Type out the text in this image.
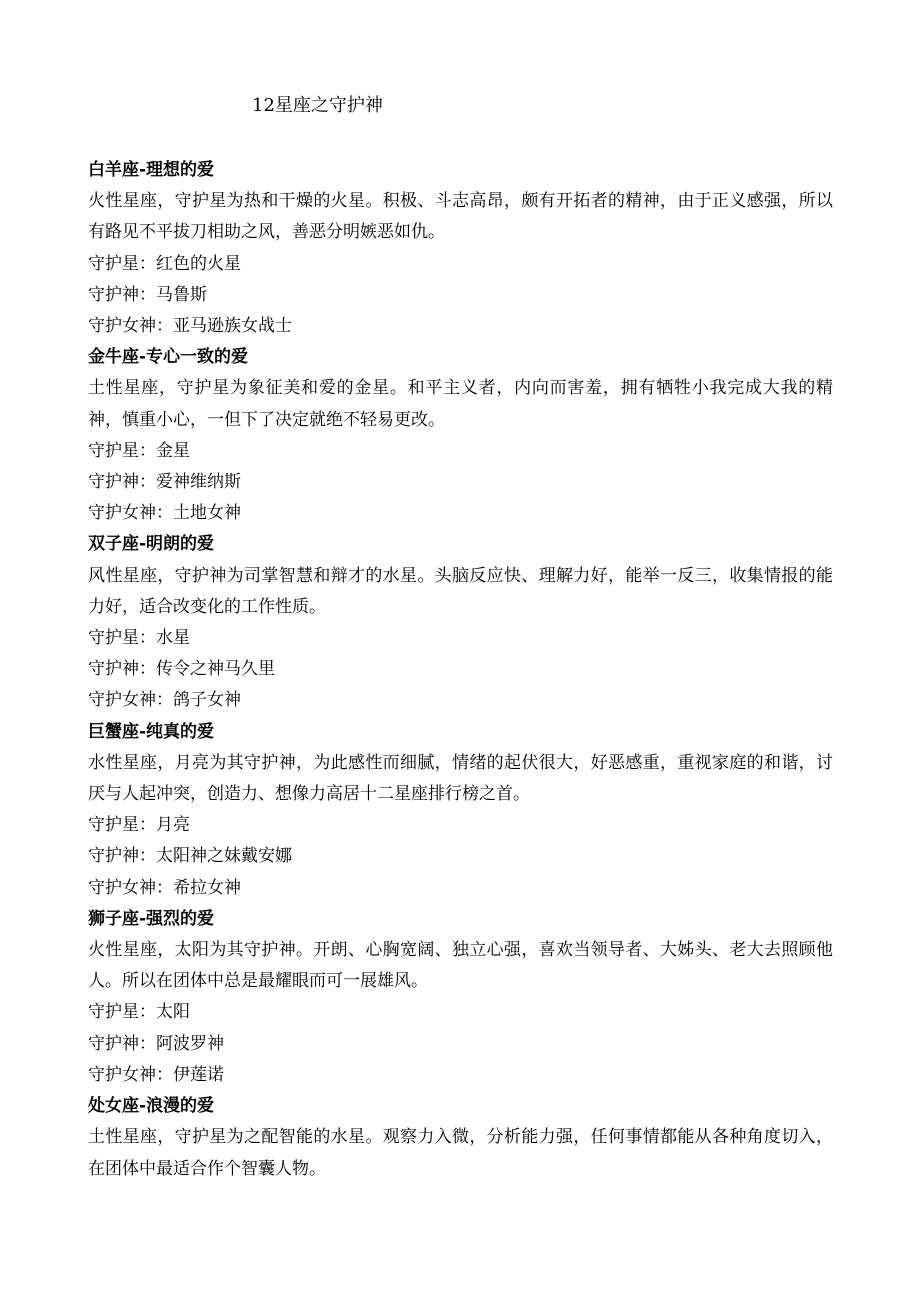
12星座之守护神

白羊座-理想的爱

火性星座，守护星为热和干燥的火星。积极、斗志高昂，颇有开拓者的精神，由于正义感强，所以有路见不平拔刀相助之风，善恶分明嫉恶如仇。

守护星：红色的火星

守护神：马鲁斯

守护女神：亚马逊族女战士

金牛座-专心一致的爱

土性星座，守护星为象征美和爱的金星。和平主义者，内向而害羞，拥有牺牲小我完成大我的精神，慎重小心，一但下了决定就绝不轻易更改。

守护星：金星

守护神：爱神维纳斯

守护女神：土地女神

双子座-明朗的爱

风性星座，守护神为司掌智慧和辩才的水星。头脑反应快、理解力好，能举一反三，收集情报的能力好，适合改变化的工作性质。

守护星：水星

守护神：传令之神马久里

守护女神：鸽子女神

巨蟹座-纯真的爱

水性星座，月亮为其守护神，为此感性而细腻，情绪的起伏很大，好恶感重，重视家庭的和谐，讨厌与人起冲突，创造力、想像力高居十二星座排行榜之首。

守护星：月亮

守护神：太阳神之妹戴安娜

守护女神：希拉女神

狮子座-强烈的爱

火性星座，太阳为其守护神。开朗、心胸宽阔、独立心强，喜欢当领导者、大姊头、老大去照顾他人。所以在团体中总是最耀眼而可一展雄风。

守护星：太阳

守护神：阿波罗神

守护女神：伊莲诺

处女座-浪漫的爱

土性星座，守护星为之配智能的水星。观察力入微，分析能力强，任何事情都能从各种角度切入，在团体中最适合作个智囊人物。
